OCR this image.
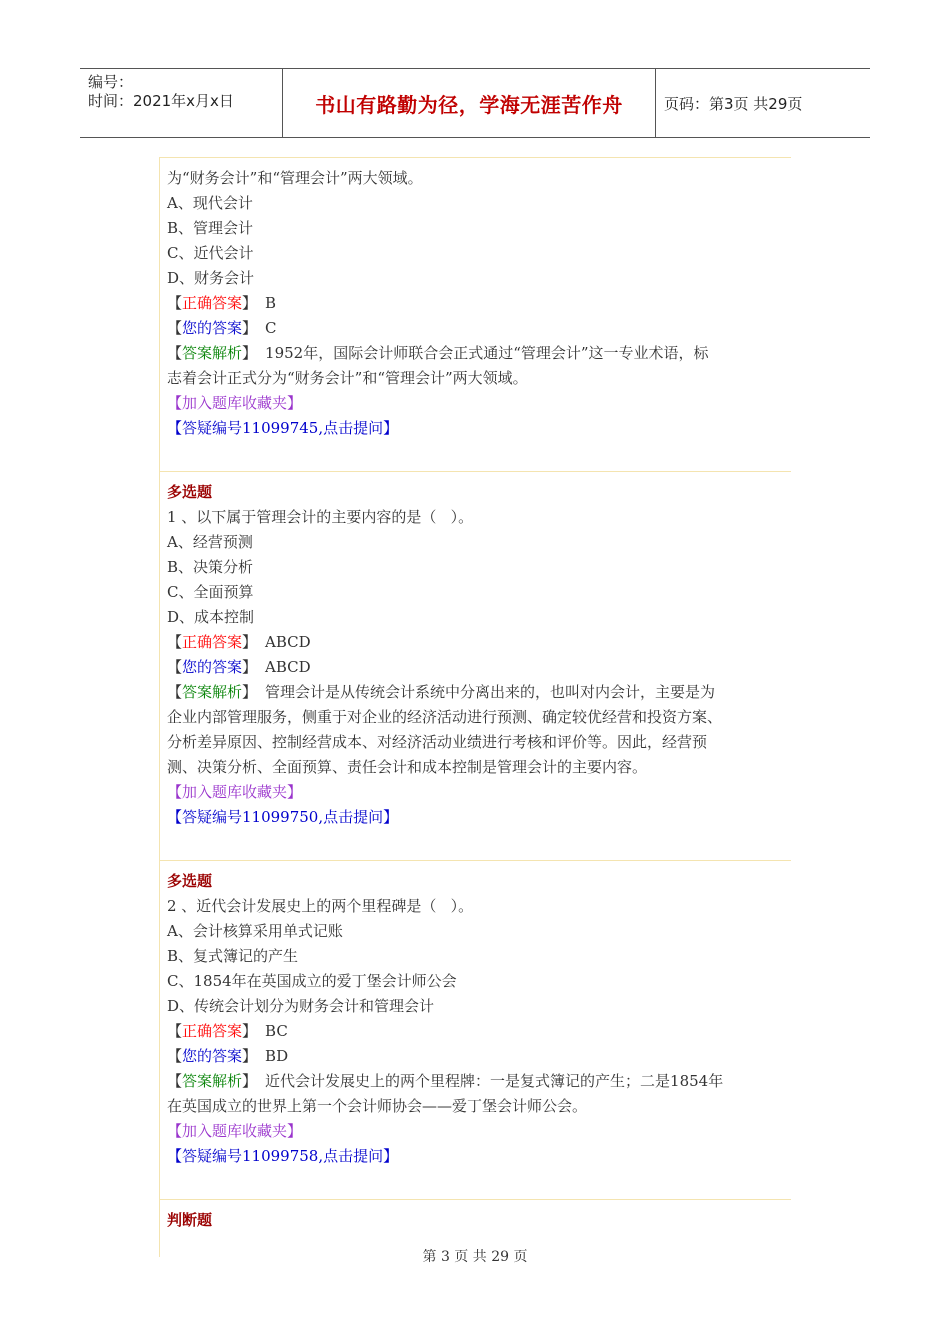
编号：
时间：2021年x月x日	书山有路勤为径，学海无涯苦作舟	页码：第3页 共29页
为“财务会计”和“管理会计”两大领域。
A、现代会计
B、管理会计
C、近代会计
D、财务会计
【正确答案】 B
【您的答案】 C
【答案解析】 1952年，国际会计师联合会正式通过“管理会计”这一专业术语，标
志着会计正式分为“财务会计”和“管理会计”两大领域。
【加入题库收藏夹】
【答疑编号11099745,点击提问】
多选题
1 、以下属于管理会计的主要内容的是（   ）。
A、经营预测
B、决策分析
C、全面预算
D、成本控制
【正确答案】 ABCD
【您的答案】 ABCD
【答案解析】 管理会计是从传统会计系统中分离出来的，也叫对内会计，主要是为
企业内部管理服务，侧重于对企业的经济活动进行预测、确定较优经营和投资方案、
分析差异原因、控制经营成本、对经济活动业绩进行考核和评价等。因此，经营预
测、决策分析、全面预算、责任会计和成本控制是管理会计的主要内容。
【加入题库收藏夹】
【答疑编号11099750,点击提问】
多选题
2 、近代会计发展史上的两个里程碑是（   ）。
A、会计核算采用单式记账
B、复式簿记的产生
C、1854年在英国成立的爱丁堡会计师公会
D、传统会计划分为财务会计和管理会计
【正确答案】 BC
【您的答案】 BD
【答案解析】 近代会计发展史上的两个里程牌：一是复式簿记的产生；二是1854年
在英国成立的世界上第一个会计师协会——爱丁堡会计师公会。
【加入题库收藏夹】
【答疑编号11099758,点击提问】
判断题
第 3 页 共 29 页
